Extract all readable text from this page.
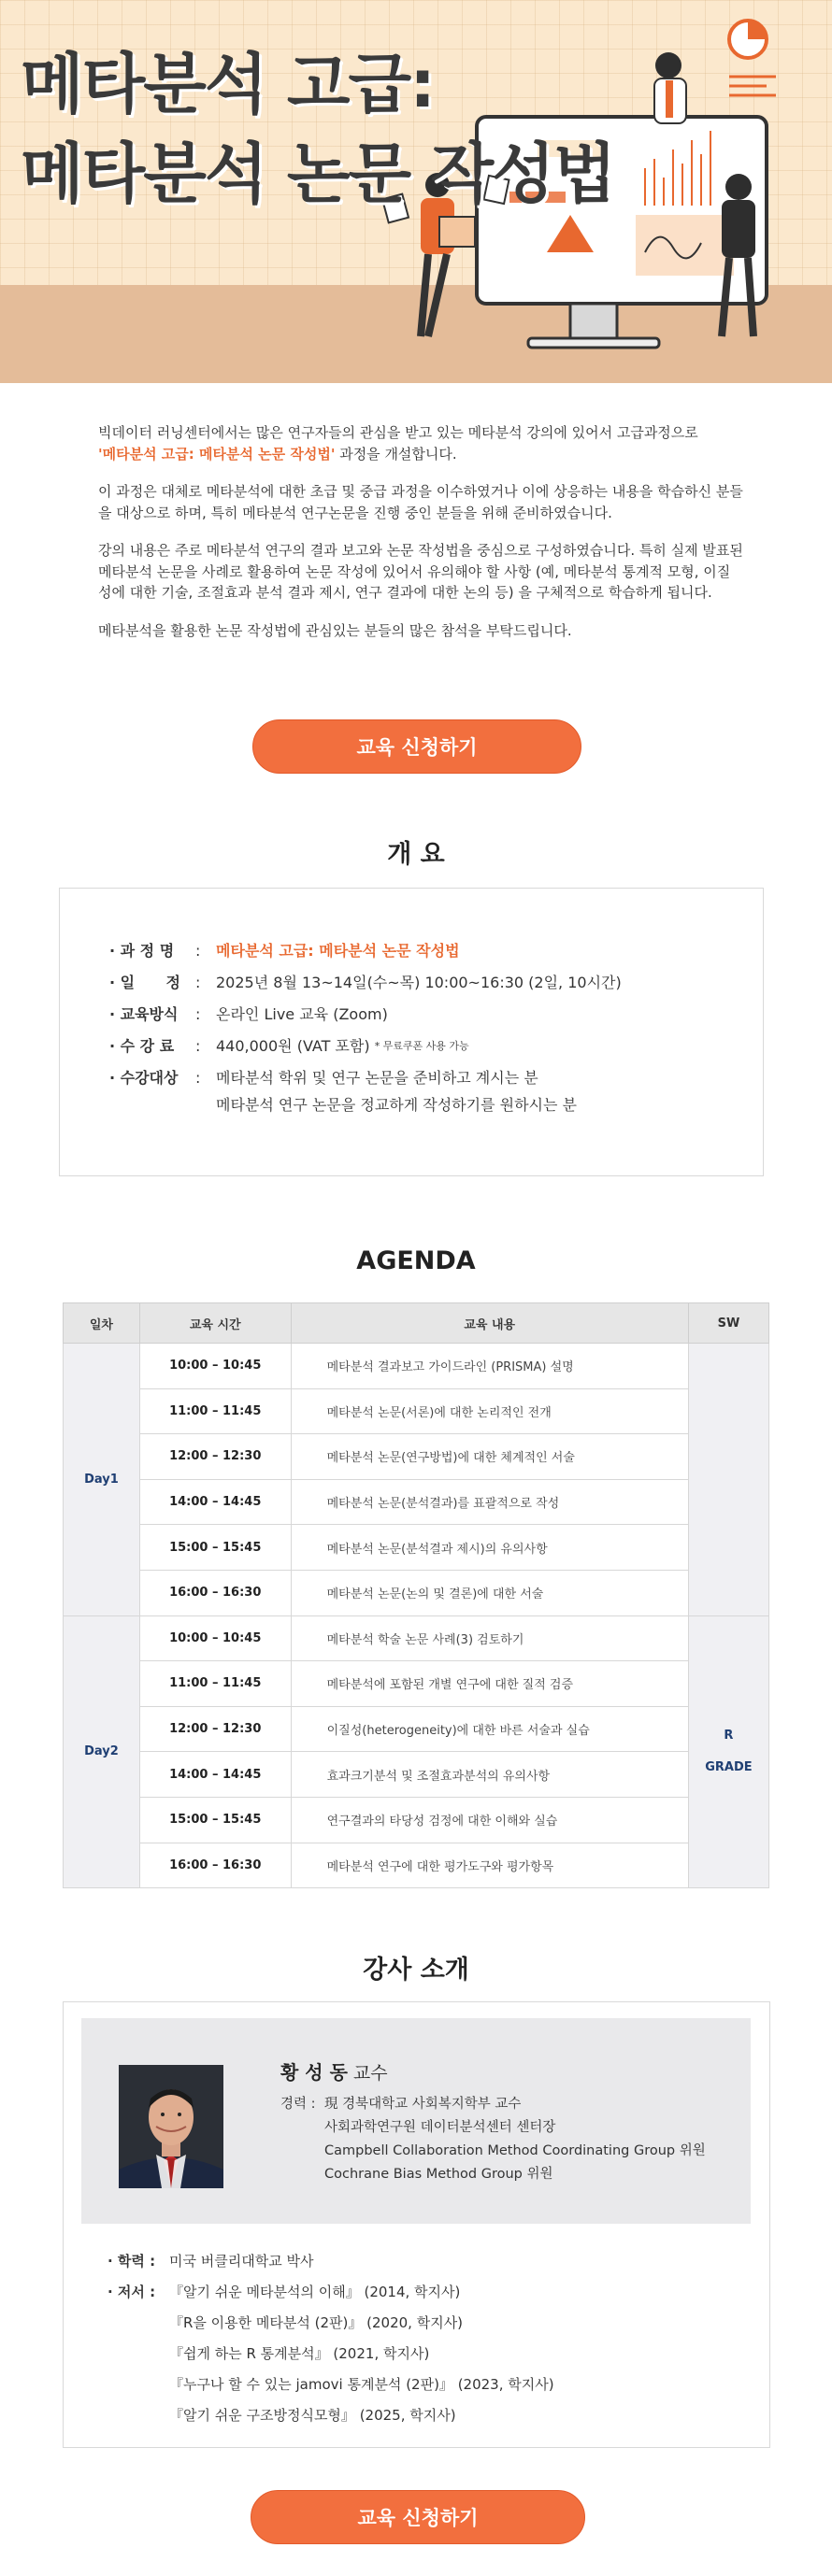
메타분석 고급:
메타분석 논문 작성법

빅데이터 러닝센터에서는 많은 연구자들의 관심을 받고 있는 메타분석 강의에 있어서 고급과정으로
'메타분석 고급: 메타분석 논문 작성법' 과정을 개설합니다.

이 과정은 대체로 메타분석에 대한 초급 및 중급 과정을 이수하였거나 이에 상응하는 내용을 학습하신 분들을 대상으로 하며, 특히 메타분석 연구논문을 진행 중인 분들을 위해 준비하였습니다.

강의 내용은 주로 메타분석 연구의 결과 보고와 논문 작성법을 중심으로 구성하였습니다. 특히 실제 발표된 메타분석 논문을 사례로 활용하여 논문 작성에 있어서 유의해야 할 사항 (예, 메타분석 통계적 모형, 이질성에 대한 기술, 조절효과 분석 결과 제시, 연구 결과에 대한 논의 등) 을 구체적으로 학습하게 됩니다.

메타분석을 활용한 논문 작성법에 관심있는 분들의 많은 참석을 부탁드립니다.

교육 신청하기
개 요
· 과 정 명	:	메타분석 고급: 메타분석 논문 작성법
· 일      정	:	2025년 8월 13~14일(수~목) 10:00~16:30 (2일, 10시간)
· 교육방식	:	온라인 Live 교육 (Zoom)
· 수 강 료	:	440,000원 (VAT 포함)
* 무료쿠폰 사용 가능
· 수강대상	:	메타분석 학위 및 연구 논문을 준비하고 계시는 분
메타분석 연구 논문을 정교하게 작성하기를 원하시는 분
AGENDA
일차	교육 시간	교육 내용	SW
Day1	10:00 – 10:45	메타분석 결과보고 가이드라인 (PRISMA) 설명	
	11:00 – 11:45	메타분석 논문(서론)에 대한 논리적인 전개	
	12:00 – 12:30	메타분석 논문(연구방법)에 대한 체계적인 서술	
	14:00 – 14:45	메타분석 논문(분석결과)를 표괄적으로 작성	
	15:00 – 15:45	메타분석 논문(분석결과 제시)의 유의사항	
	16:00 – 16:30	메타분석 논문(논의 및 결론)에 대한 서술	
Day2	10:00 – 10:45	메타분석 학술 논문 사례(3) 검토하기	R
GRADE
	11:00 – 11:45	메타분석에 포함된 개별 연구에 대한 질적 검증	
	12:00 – 12:30	이질성(heterogeneity)에 대한 바른 서술과 실습	
	14:00 – 14:45	효과크기분석 및 조절효과분석의 유의사항	
	15:00 – 15:45	연구결과의 타당성 검정에 대한 이해와 실습	
	16:00 – 16:30	메타분석 연구에 대한 평가도구와 평가항목	
강사 소개
황 성 동 교수
경력 : 現 경북대학교 사회복지학부 교수
사회과학연구원 데이터분석센터 센터장
Campbell Collaboration Method Coordinating Group 위원
Cochrane Bias Method Group 위원
· 학력 : 미국 버클리대학교 박사
· 저서 : 『알기 쉬운 메타분석의 이해』 (2014, 학지사)
『R을 이용한 메타분석 (2판)』 (2020, 학지사)
『쉽게 하는 R 통계분석』 (2021, 학지사)
『누구나 할 수 있는 jamovi 통계분석 (2판)』 (2023, 학지사)
『알기 쉬운 구조방정식모형』 (2025, 학지사)
교육 신청하기
